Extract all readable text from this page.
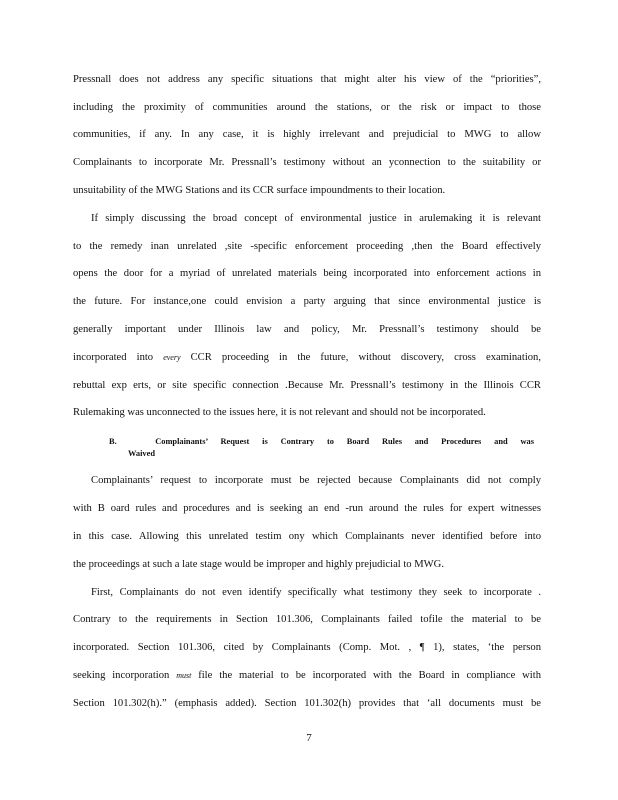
Pressnall does not address any specific situations that might alter his view of the “priorities”,
including the proximity of communities around the stations, or the risk or impact to those
communities, if any. In any case, it is highly irrelevant and prejudicial to MWG to allow
Complainants to incorporate Mr. Pressnall’s testimony without an yconnection to the suitability or
unsuitability of the MWG Stations and its CCR surface impoundments to their location.
If simply discussing the broad concept of environmental justice in arulemaking it is relevant
to the remedy inan unrelated ,site -specific enforcement proceeding ,then the Board effectively
opens the door for a myriad of unrelated materials being incorporated into enforcement actions in
the future. For instance,one could envision a party arguing that since environmental justice is
generally important under Illinois law and policy, Mr. Pressnall’s testimony should be
incorporated into every CCR proceeding in the future, without discovery, cross examination,
rebuttal exp erts, or site specific connection .Because Mr. Pressnall’s testimony in the Illinois CCR
Rulemaking was unconnected to the issues here, it is not relevant and should not be incorporated.
B.	Complainants’ Request is Contrary to Board Rules and Procedures and was
Waived
Complainants’ request to incorporate must be rejected because Complainants did not comply
with B oard rules and procedures and is seeking an end -run around the rules for expert witnesses
in this case. Allowing this unrelated testim ony which Complainants never identified before into
the proceedings at such a late stage would be improper and highly prejudicial to MWG.
First, Complainants do not even identify specifically what testimony they seek to incorporate .
Contrary to the requirements in Section 101.306, Complainants failed tofile the material to be
incorporated. Section 101.306, cited by Complainants (Comp. Mot. , ¶ 1), states, ‘the person
seeking incorporation must file the material to be incorporated with the Board in compliance with
Section 101.302(h).” (emphasis added). Section 101.302(h) provides that ‘all documents must be
7
